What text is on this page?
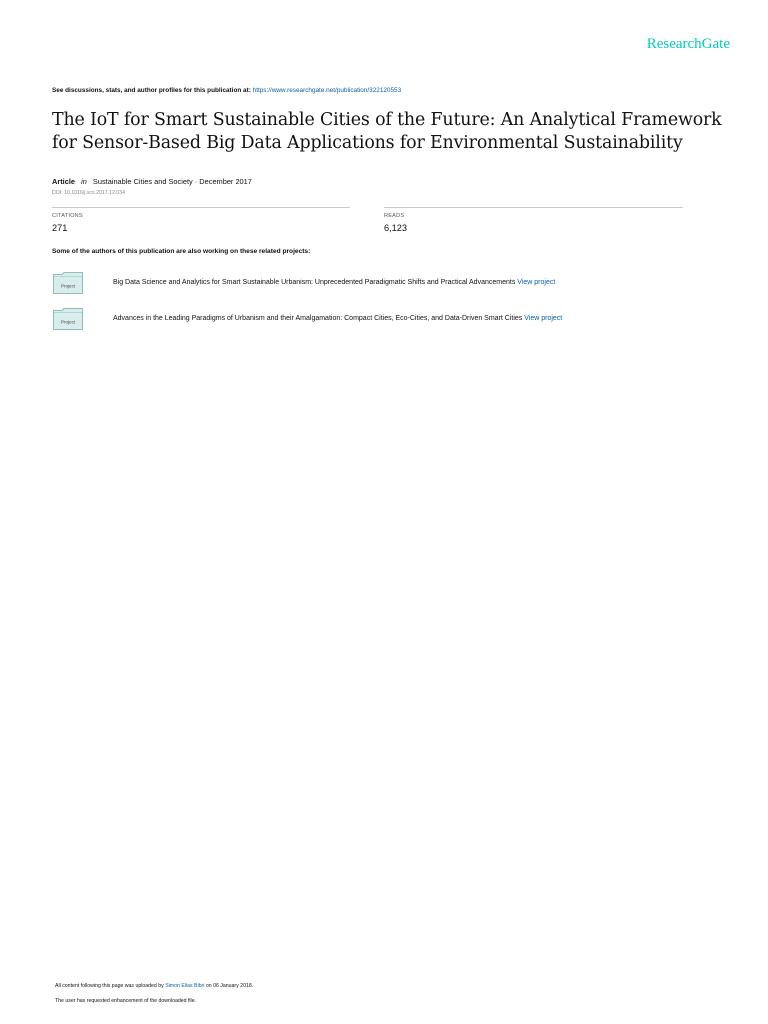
ResearchGate
See discussions, stats, and author profiles for this publication at: https://www.researchgate.net/publication/322120553
The IoT for Smart Sustainable Cities of the Future: An Analytical Framework
for Sensor-Based Big Data Applications for Environmental Sustainability
Article in Sustainable Cities and Society · December 2017
DOI: 10.1016/j.scs.2017.12.034
CITATIONS
271
READS
6,123
Some of the authors of this publication are also working on these related projects:
Project	Big Data Science and Analytics for Smart Sustainable Urbanism: Unprecedented Paradigmatic Shifts and Practical Advancements View project
Project	Advances in the Leading Paradigms of Urbanism and their Amalgamation: Compact Cities, Eco-Cities, and Data-Driven Smart Cities View project
All content following this page was uploaded by Simon Elias Bibri on 06 January 2018.
The user has requested enhancement of the downloaded file.
